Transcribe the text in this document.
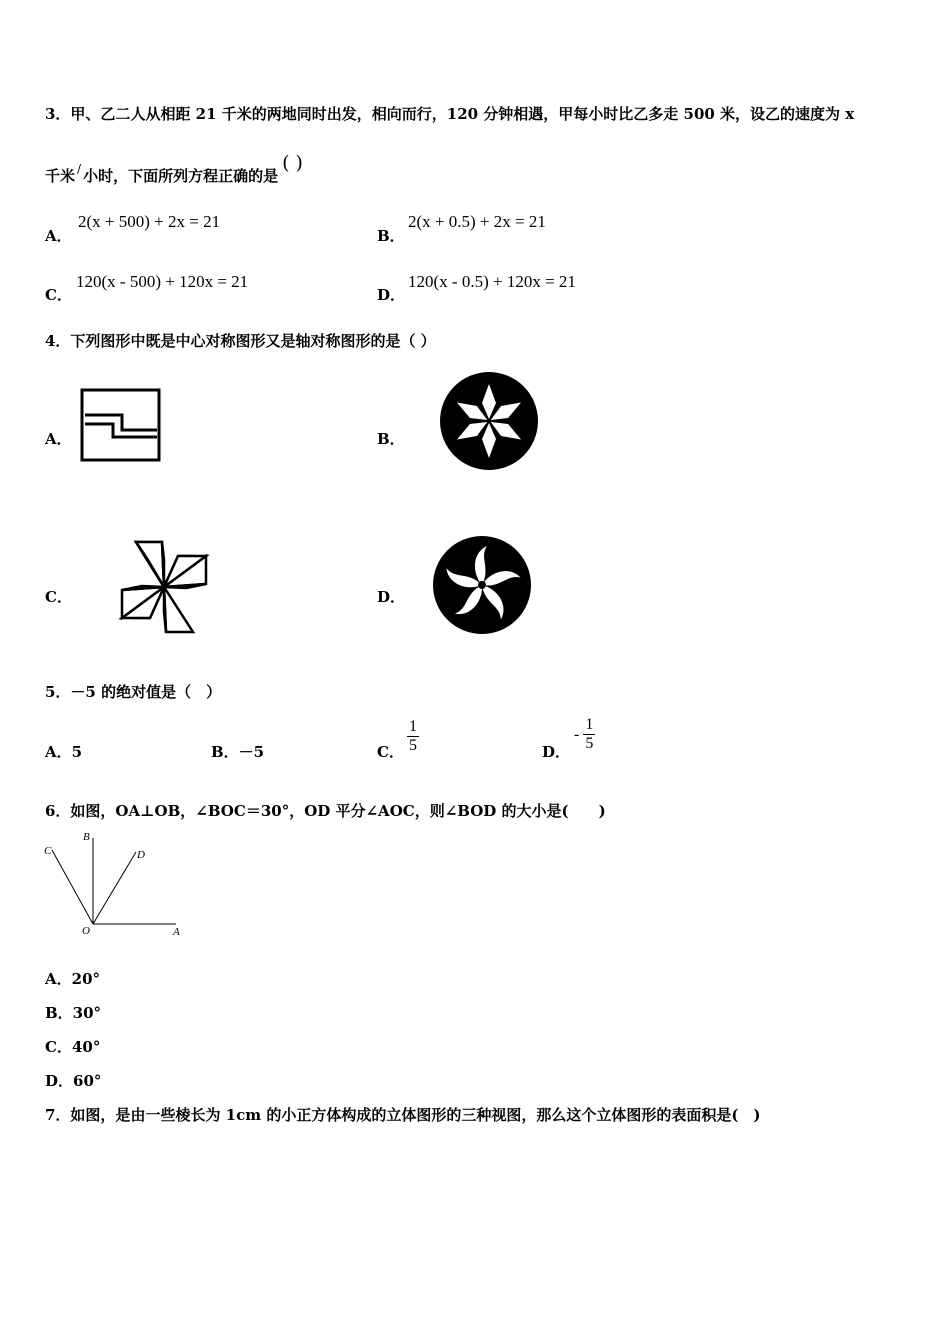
3．甲、乙二人从相距 21 千米的两地同时出发，相向而行，120 分钟相遇，甲每小时比乙多走 500 米，设乙的速度为 x
千米 / 小时，下面所列方程正确的是( )
A．
2(x + 500) + 2x = 21
B．
2(x + 0.5) + 2x = 21
C．
120(x - 500) + 120x = 21
D．
120(x - 0.5) + 120x = 21
4．下列图形中既是中心对称图形又是轴对称图形的是（ ）
A．	B．
C．	D．
5．－5 的绝对值是（　）
A．5	B．－5	C． $\frac{1}{5}$	D．
- $\frac{1}{5}$
6．如图，OA⊥OB，∠BOC＝30°，OD 平分∠AOC，则∠BOD 的大小是(　　)
B
C	D
O	A
A．20°
B．30°
C．40°
D．60°
7．如图，是由一些棱长为 1cm 的小正方体构成的立体图形的三种视图，那么这个立体图形的表面积是(　)
